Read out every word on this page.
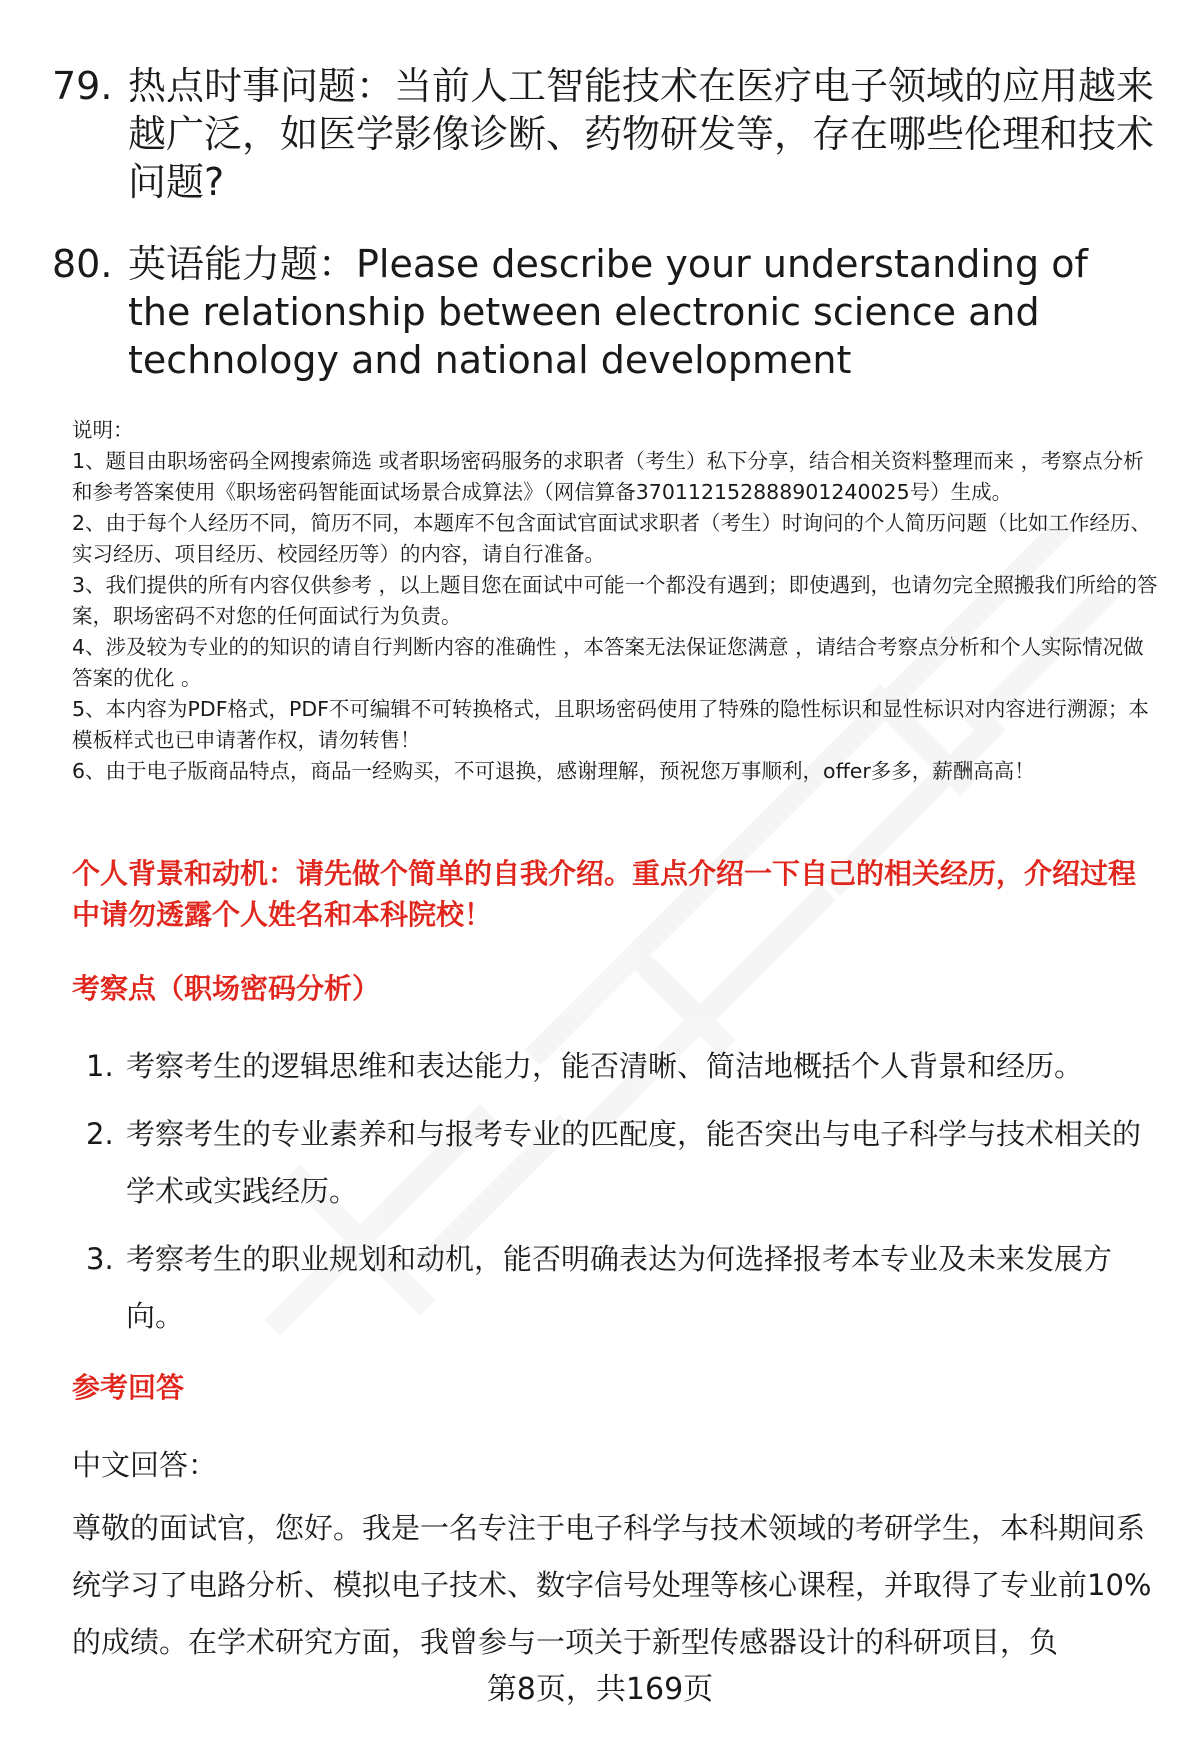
79. 热点时事问题：当前人工智能技术在医疗电子领域的应用越来越广泛，如医学影像诊断、药物研发等，存在哪些伦理和技术问题?
80. 英语能力题：Please describe your understanding of the relationship between electronic science and technology and national development

说明：

1、题目由职场密码全网搜索筛选 或者职场密码服务的求职者（考生）私下分享，结合相关资料整理而来 ，考察点分析和参考答案使用《职场密码智能面试场景合成算法》（网信算备370112152888901240025号）生成。

2、由于每个人经历不同，简历不同，本题库不包含面试官面试求职者（考生）时询问的个人简历问题（比如工作经历、实习经历、项目经历、校园经历等）的内容，请自行准备。

3、我们提供的所有内容仅供参考 ，以上题目您在面试中可能一个都没有遇到；即使遇到，也请勿完全照搬我们所给的答案，职场密码不对您的任何面试行为负责。

4、涉及较为专业的的知识的请自行判断内容的准确性 ，本答案无法保证您满意 ，请结合考察点分析和个人实际情况做答案的优化 。

5、本内容为PDF格式，PDF不可编辑不可转换格式，且职场密码使用了特殊的隐性标识和显性标识对内容进行溯源；本模板样式也已申请著作权，请勿转售！

6、由于电子版商品特点，商品一经购买，不可退换，感谢理解，预祝您万事顺利，offer多多，薪酬高高！

个人背景和动机：请先做个简单的自我介绍。重点介绍一下自己的相关经历，介绍过程中请勿透露个人姓名和本科院校！
考察点（职场密码分析）
1. 考察考生的逻辑思维和表达能力，能否清晰、简洁地概括个人背景和经历。
2. 考察考生的专业素养和与报考专业的匹配度，能否突出与电子科学与技术相关的学术或实践经历。
3. 考察考生的职业规划和动机，能否明确表达为何选择报考本专业及未来发展方向。
参考回答
中文回答：
尊敬的面试官，您好。我是一名专注于电子科学与技术领域的考研学生，本科期间系统学习了电路分析、模拟电子技术、数字信号处理等核心课程，并取得了专业前10%的成绩。在学术研究方面，我曾参与一项关于新型传感器设计的科研项目，负
第8页，共169页
